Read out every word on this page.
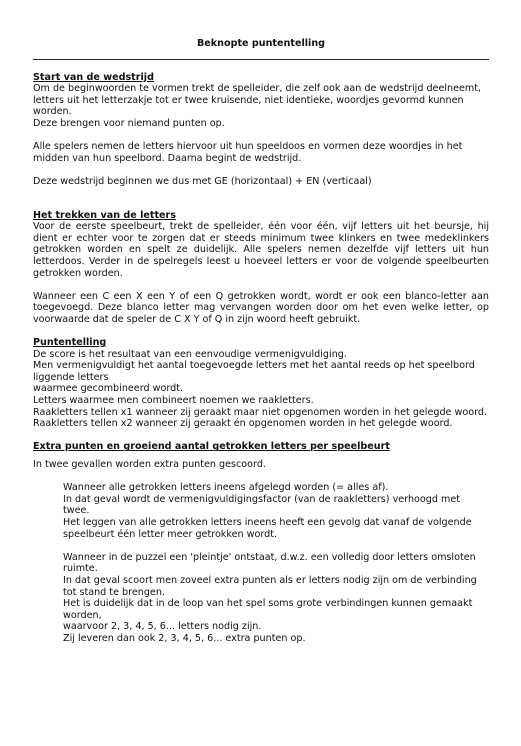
Beknopte puntentelling
Start van de wedstrijd

Om de beginwoorden te vormen trekt de spelleider, die zelf ook aan de wedstrijd deelneemt, letters uit het letterzakje tot er twee kruisende, niet identieke, woordjes gevormd kunnen worden.

Deze brengen voor niemand punten op.

Alle spelers nemen de letters hiervoor uit hun speeldoos en vormen deze woordjes in het midden van hun speelbord. Daarna begint de wedstrijd.

Deze wedstrijd beginnen we dus met GE (horizontaal) + EN (verticaal)

Het trekken van de letters

Voor de eerste speelbeurt, trekt de spelleider, één voor één, vijf letters uit het beursje, hij dient er echter voor te zorgen dat er steeds minimum twee klinkers en twee medeklinkers getrokken worden en spelt ze duidelijk. Alle spelers nemen dezelfde vijf letters uit hun letterdoos. Verder in de spelregels leest u hoeveel letters er voor de volgende speelbeurten getrokken worden.

Wanneer een C een X een Y of een Q getrokken wordt, wordt er ook een blanco-letter aan toegevoegd. Deze blanco letter mag vervangen worden door om het even welke letter, op voorwaarde dat de speler de C X Y of Q in zijn woord heeft gebruikt.

Puntentelling

De score is het resultaat van een eenvoudige vermenigvuldiging.

Men vermenigvuldigt het aantal toegevoegde letters met het aantal reeds op het speelbord liggende letters

waarmee gecombineerd wordt.

Letters waarmee men combineert noemen we raakletters.

Raakletters tellen x1 wanneer zij geraakt maar niet opgenomen worden in het gelegde woord.

Raakletters tellen x2 wanneer zij geraakt én opgenomen worden in het gelegde woord.

Extra punten en groeiend aantal getrokken letters per speelbeurt

In twee gevallen worden extra punten gescoord.

Wanneer alle getrokken letters ineens afgelegd worden (= alles af).

In dat geval wordt de vermenigvuldigingsfactor (van de raakletters) verhoogd met twee.

Het leggen van alle getrokken letters ineens heeft een gevolg dat vanaf de volgende speelbeurt één letter meer getrokken wordt.

Wanneer in de puzzel een 'pleintje' ontstaat, d.w.z. een volledig door letters omsloten ruimte.

In dat geval scoort men zoveel extra punten als er letters nodig zijn om de verbinding tot stand te brengen.

Het is duidelijk dat in de loop van het spel soms grote verbindingen kunnen gemaakt worden,

waarvoor 2, 3, 4, 5, 6... letters nodig zijn.

Zij leveren dan ook 2, 3, 4, 5, 6... extra punten op.
